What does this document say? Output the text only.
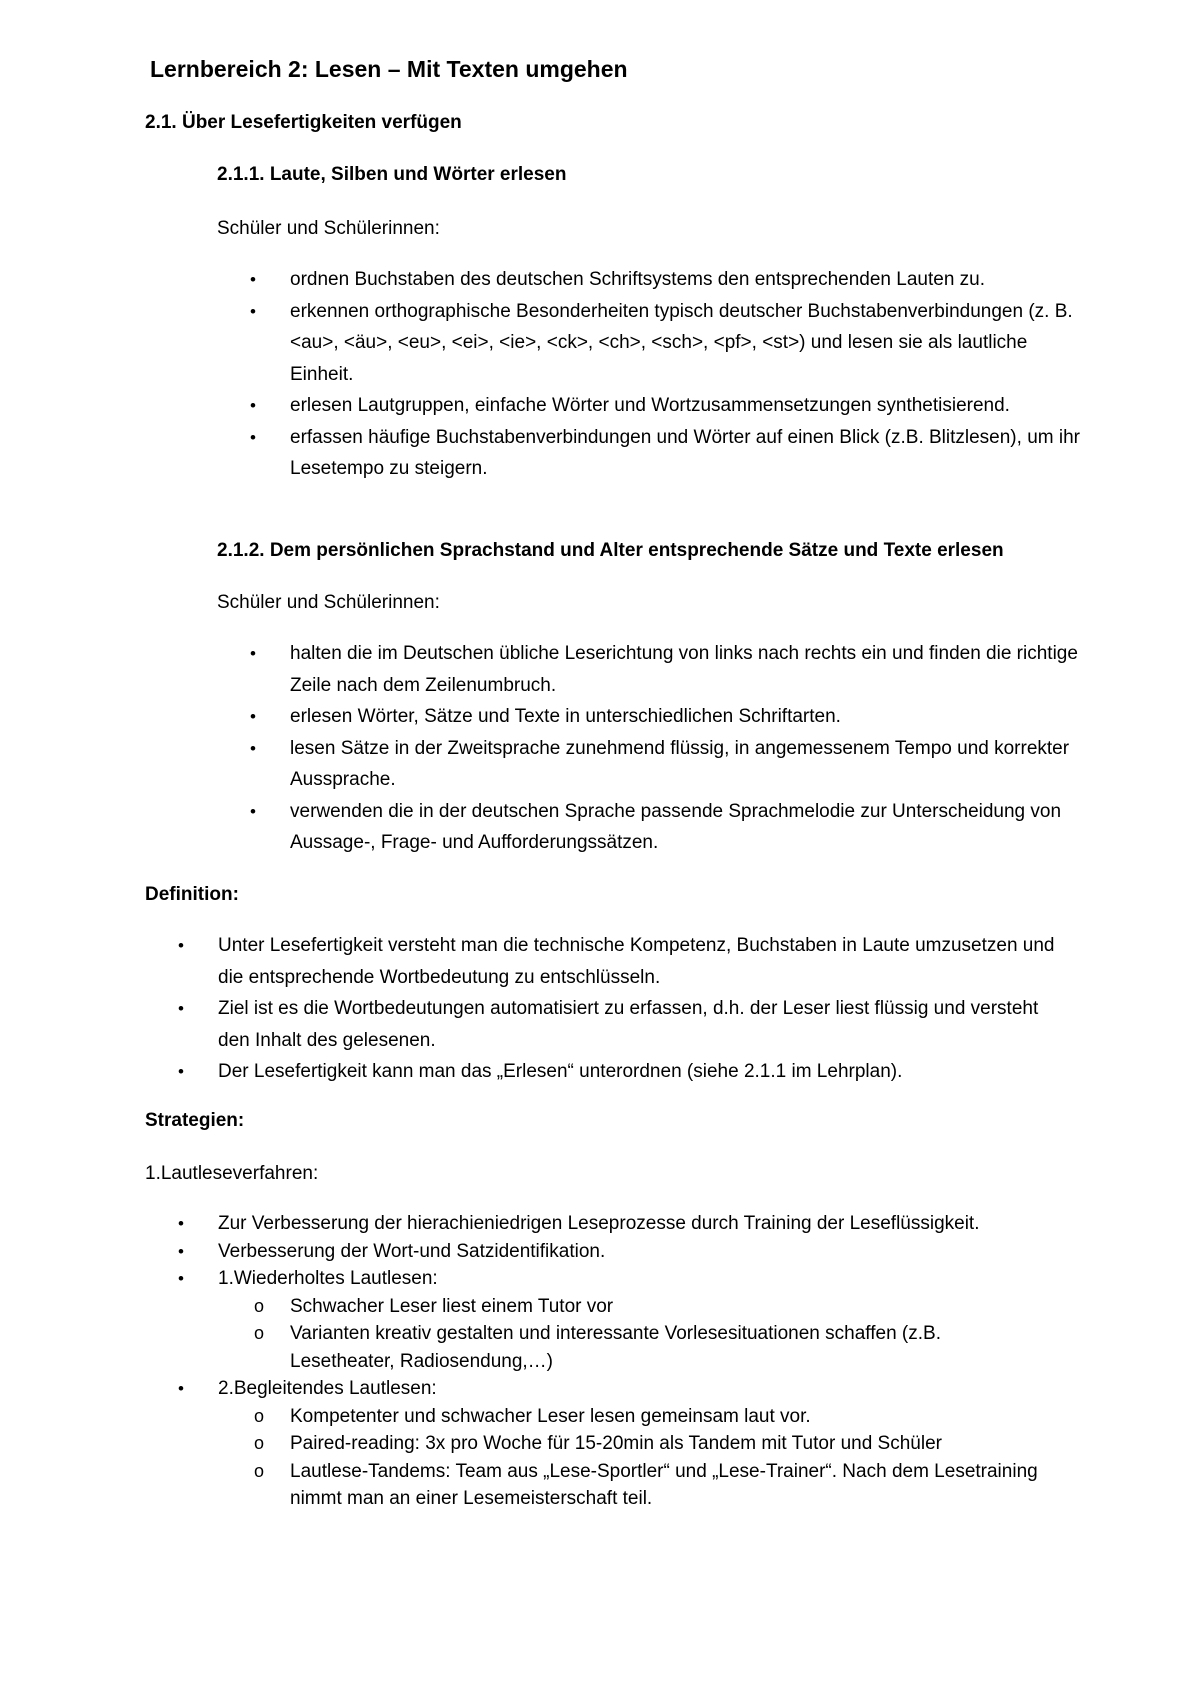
Lernbereich 2: Lesen – Mit Texten umgehen
2.1. Über Lesefertigkeiten verfügen
2.1.1. Laute, Silben und Wörter erlesen
Schüler und Schülerinnen:
• ordnen Buchstaben des deutschen Schriftsystems den entsprechenden Lauten zu.
• erkennen orthographische Besonderheiten typisch deutscher Buchstabenverbindungen (z. B. <au>, <äu>, <eu>, <ei>, <ie>, <ck>, <ch>, <sch>, <pf>, <st>) und lesen sie als lautliche Einheit.
• erlesen Lautgruppen, einfache Wörter und Wortzusammensetzungen synthetisierend.
• erfassen häufige Buchstabenverbindungen und Wörter auf einen Blick (z.B. Blitzlesen), um ihr Lesetempo zu steigern.
2.1.2. Dem persönlichen Sprachstand und Alter entsprechende Sätze und Texte erlesen
Schüler und Schülerinnen:
• halten die im Deutschen übliche Leserichtung von links nach rechts ein und finden die richtige Zeile nach dem Zeilenumbruch.
• erlesen Wörter, Sätze und Texte in unterschiedlichen Schriftarten.
• lesen Sätze in der Zweitsprache zunehmend flüssig, in angemessenem Tempo und korrekter Aussprache.
• verwenden die in der deutschen Sprache passende Sprachmelodie zur Unterscheidung von Aussage-, Frage- und Aufforderungssätzen.
Definition:
• Unter Lesefertigkeit versteht man die technische Kompetenz, Buchstaben in Laute umzusetzen und die entsprechende Wortbedeutung zu entschlüsseln.
• Ziel ist es die Wortbedeutungen automatisiert zu erfassen, d.h. der Leser liest flüssig und versteht den Inhalt des gelesenen.
• Der Lesefertigkeit kann man das „Erlesen“ unterordnen (siehe 2.1.1 im Lehrplan).
Strategien:
1.Lautleseverfahren:
• Zur Verbesserung der hierachieniedrigen Leseprozesse durch Training der Leseflüssigkeit.
• Verbesserung der Wort-und Satzidentifikation.
• 1.Wiederholtes Lautlesen:
o Schwacher Leser liest einem Tutor vor
o Varianten kreativ gestalten und interessante Vorlesesituationen schaffen (z.B. Lesetheater, Radiosendung,…)
• 2.Begleitendes Lautlesen:
o Kompetenter und schwacher Leser lesen gemeinsam laut vor.
o Paired-reading: 3x pro Woche für 15-20min als Tandem mit Tutor und Schüler
o Lautlese-Tandems: Team aus „Lese-Sportler“ und „Lese-Trainer“. Nach dem Lesetraining nimmt man an einer Lesemeisterschaft teil.
